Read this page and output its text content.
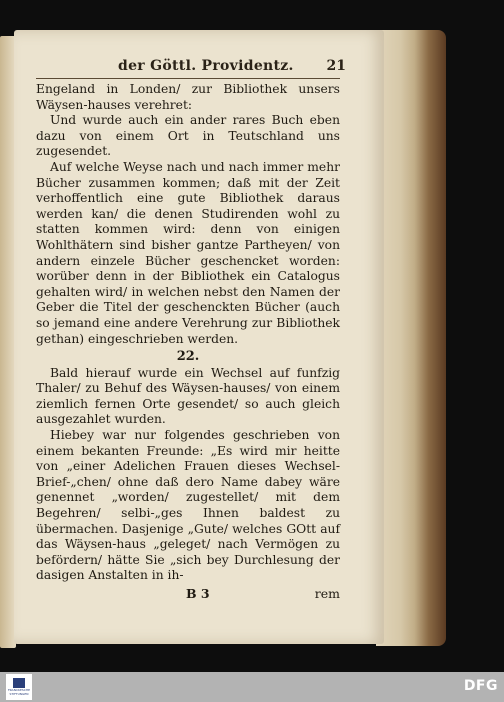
der Göttl. Providentz. 21

Engeland in Londen/ zur Bibliothek unsers Wäysen-hauses verehret:

Und wurde auch ein ander rares Buch eben dazu von einem Ort in Teutschland uns zugesendet.

Auf welche Weyse nach und nach immer mehr Bücher zusammen kommen; daß mit der Zeit verhoffentlich eine gute Bibliothek daraus werden kan/ die denen Studirenden wohl zu statten kommen wird: denn von einigen Wohlthätern sind bisher gantze Partheyen/ von andern einzele Bücher geschencket worden: worüber denn in der Bibliothek ein Catalogus gehalten wird/ in welchen nebst den Namen der Geber die Titel der geschenckten Bücher (auch so jemand eine andere Verehrung zur Bibliothek gethan) eingeschrieben werden.

22.

Bald hierauf wurde ein Wechsel auf funfzig Thaler/ zu Behuf des Wäysen-hauses/ von einem ziemlich fernen Orte gesendet/ so auch gleich ausgezahlet wurden.

Hiebey war nur folgendes geschrieben von einem bekanten Freunde: „Es wird mir heitte von „einer Adelichen Frauen dieses Wechsel-Brief-„chen/ ohne daß dero Name dabey wäre genennet „worden/ zugestellet/ mit dem Begehren/ selbi-„ges Ihnen baldest zu übermachen. Dasjenige „Gute/ welches GOtt auf das Wäysen-haus „geleget/ nach Vermögen zu befördern/ hätte Sie „sich bey Durchlesung der dasigen Anstalten in ih-

B 3	rem
FRANCKESCHE STIFTUNGEN	DFG
